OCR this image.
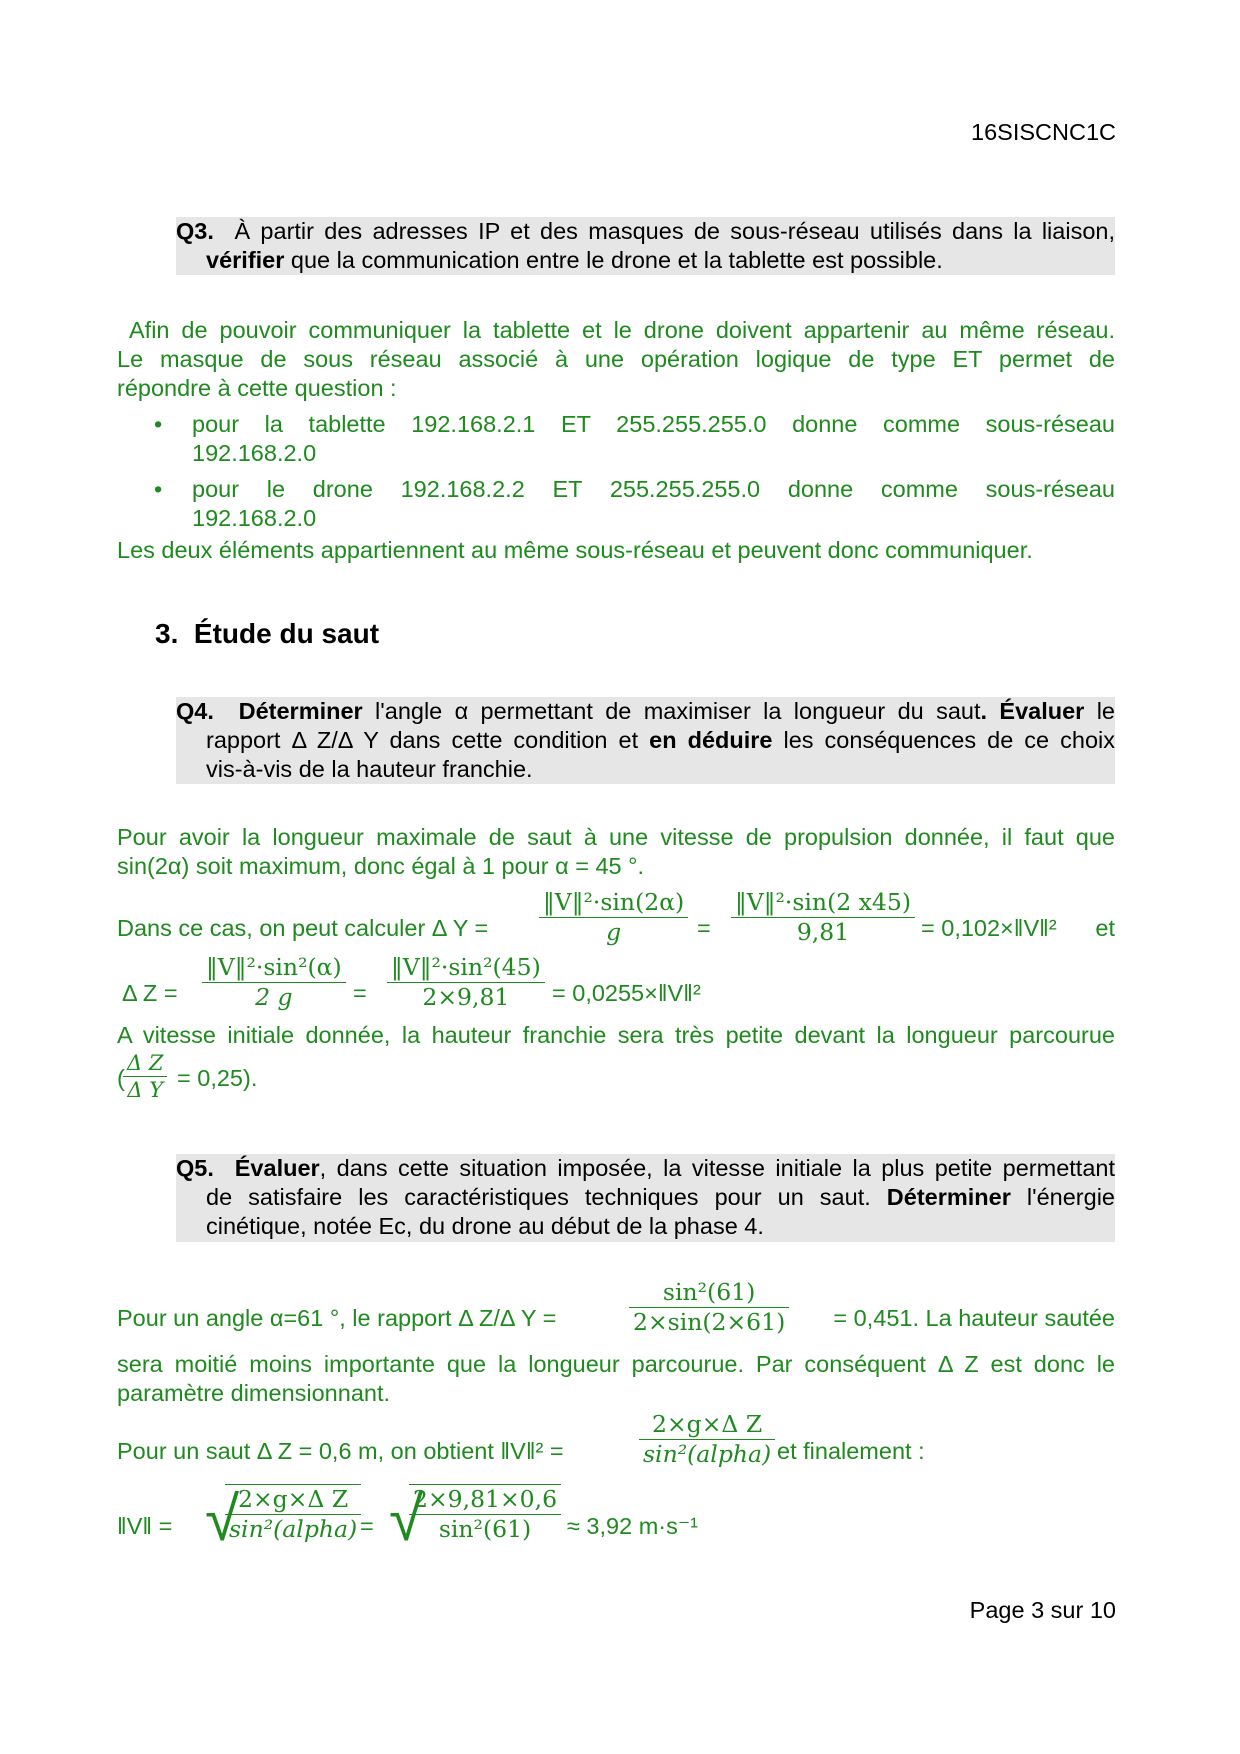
16SISCNC1C
Q3. À partir des adresses IP et des masques de sous-réseau utilisés dans la liaison,
vérifier que la communication entre le drone et la tablette est possible.
Afin de pouvoir communiquer la tablette et le drone doivent appartenir au même réseau.
Le masque de sous réseau associé à une opération logique de type ET permet de
répondre à cette question :
• pour la tablette 192.168.2.1 ET 255.255.255.0 donne comme sous-réseau
192.168.2.0
• pour le drone 192.168.2.2 ET 255.255.255.0 donne comme sous-réseau
192.168.2.0
Les deux éléments appartiennent au même sous-réseau et peuvent donc communiquer.
3. Étude du saut
Q4. Déterminer l'angle α permettant de maximiser la longueur du saut. Évaluer le
rapport Δ Z/Δ Y dans cette condition et en déduire les conséquences de ce choix
vis-à-vis de la hauteur franchie.
Pour avoir la longueur maximale de saut à une vitesse de propulsion donnée, il faut que
sin(2α) soit maximum, donc égal à 1 pour α = 45 °.
Dans ce cas, on peut calculer Δ $Y = \frac{\text{‖V‖²·sin(2α)}}{g} = \frac{\text{‖V‖²·sin(2 x45)}}{9,81}$ = 0,102×‖V‖² et
Δ $Z = \frac{\text{‖V‖²·sin²(α)}}{2 g} = \frac{\text{‖V‖²·sin²(45)}}{2\times 9,81}$ = 0,0255×‖V‖²
A vitesse initiale donnée, la hauteur franchie sera très petite devant la longueur parcourue
(
$\frac{\text{Δ Z}}{\text{Δ Y}} = 0,25$).
Q5. Évaluer, dans cette situation imposée, la vitesse initiale la plus petite permettant
de satisfaire les caractéristiques techniques pour un saut. Déterminer l'énergie
cinétique, notée Ec, du drone au début de la phase 4.
Pour un angle α=61 °, le rapport Δ Z/Δ Y =	$\frac{\text{sin²(61)}}{2\times\sin(2\times 61)} = 0,451$. La hauteur sautée
sera moitié moins importante que la longueur parcourue. Par conséquent Δ Z est donc le
paramètre dimensionnant.
Pour un saut Δ Z = 0,6 m, on obtient ‖V‖² =
2×g×Δ Z
sin²(alpha) et finalement :
‖V‖ = √
2×g×Δ Z
sin²(alpha) = √
$\frac{2\times 9,81\times 0,6}{\text{sin²(61)}} \approx 3,92$ m·s⁻¹
Page 3 sur 10
